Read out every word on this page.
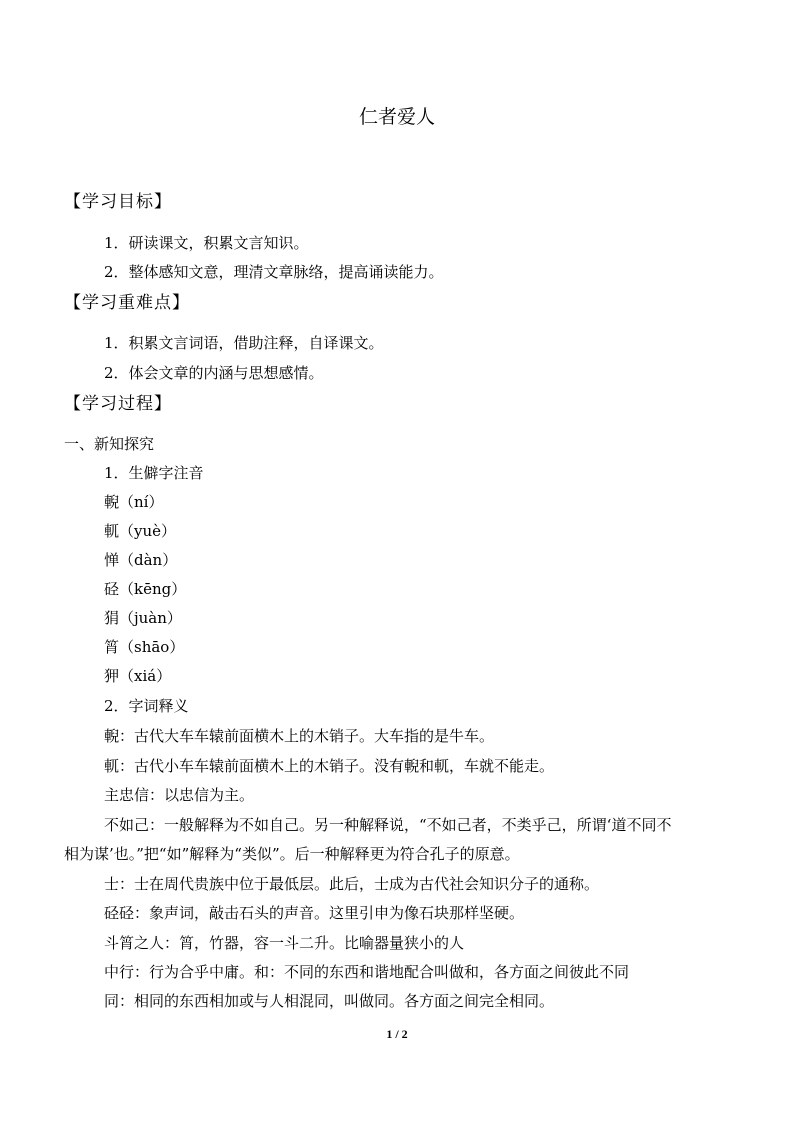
仁者爱人
【学习目标】
1．研读课文，积累文言知识。
2．整体感知文意，理清文章脉络，提高诵读能力。
【学习重难点】
1．积累文言词语，借助注释，自译课文。
2．体会文章的内涵与思想感情。
【学习过程】
一、新知探究
1．生僻字注音
輗（ní）
軏（yuè）
惮（dàn）
硁（kēng）
狷（juàn）
筲（shāo）
狎（xiá）
2．字词释义
輗：古代大车车辕前面横木上的木销子。大车指的是牛车。
軏：古代小车车辕前面横木上的木销子。没有輗和軏，车就不能走。
主忠信：以忠信为主。
不如己：一般解释为不如自己。另一种解释说，“不如己者，不类乎己，所谓‘道不同不
相为谋’也。”把“如”解释为“类似”。后一种解释更为符合孔子的原意。
士：士在周代贵族中位于最低层。此后，士成为古代社会知识分子的通称。
硁硁：象声词，敲击石头的声音。这里引申为像石块那样坚硬。
斗筲之人：筲，竹器，容一斗二升。比喻器量狭小的人
中行：行为合乎中庸。和：不同的东西和谐地配合叫做和，各方面之间彼此不同
同：相同的东西相加或与人相混同，叫做同。各方面之间完全相同。
1 / 2
